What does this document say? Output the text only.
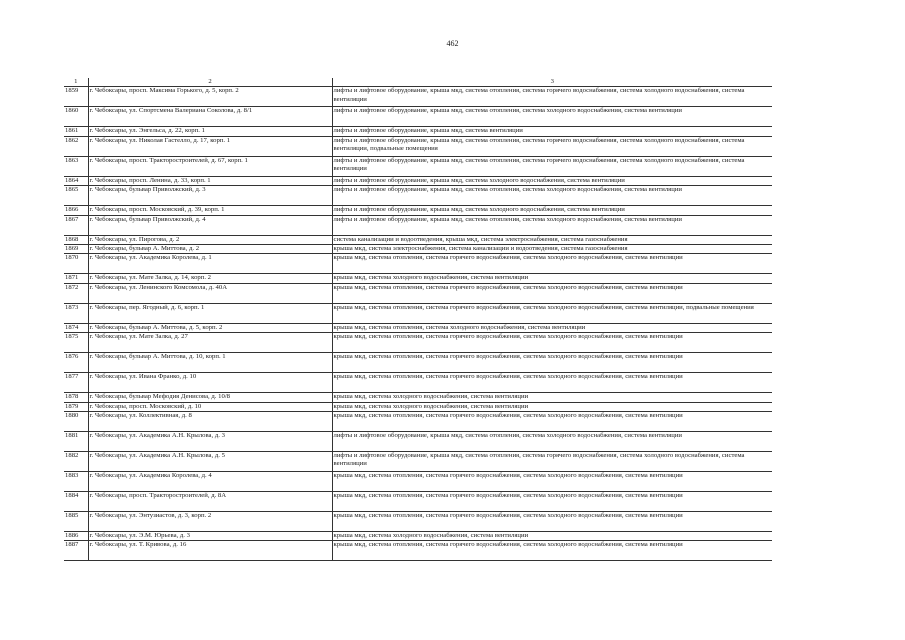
462
1	2	3
1859	г. Чебоксары, просп. Максима Горького, д. 5, корп. 2	лифты и лифтовое оборудование, крыша мкд, система отопления, система горячего водоснабжения, система холодного водоснабжения, система вентиляции
1860	г. Чебоксары, ул. Спортсмена Валериана Соколова, д. 8/1	лифты и лифтовое оборудование, крыша мкд, система отопления, система холодного водоснабжения, система вентиляции
1861	г. Чебоксары, ул. Энгельса, д. 22, корп. 1	лифты и лифтовое оборудование, крыша мкд, система вентиляции
1862	г. Чебоксары, ул. Николая Гастелло, д. 17, корп. 1	лифты и лифтовое оборудование, крыша мкд, система отопления, система горячего водоснабжения, система холодного водоснабжения, система вентиляции, подвальные помещения
1863	г. Чебоксары, просп. Тракторостроителей, д. 67, корп. 1	лифты и лифтовое оборудование, крыша мкд, система отопления, система горячего водоснабжения, система холодного водоснабжения, система вентиляции
1864	г. Чебоксары, просп. Ленина, д. 33, корп. 1	лифты и лифтовое оборудование, крыша мкд, система холодного водоснабжения, система вентиляции
1865	г. Чебоксары, бульвар Приволжский, д. 3	лифты и лифтовое оборудование, крыша мкд, система отопления, система холодного водоснабжения, система вентиляции
1866	г. Чебоксары, просп. Московский, д. 39, корп. 1	лифты и лифтовое оборудование, крыша мкд, система холодного водоснабжения, система вентиляции
1867	г. Чебоксары, бульвар Приволжский, д. 4	лифты и лифтовое оборудование, крыша мкд, система отопления, система холодного водоснабжения, система вентиляции
1868	г. Чебоксары, ул. Пирогова, д. 2	система канализации и водоотведения, крыша мкд, система электроснабжения, система газоснабжения
1869	г. Чебоксары, бульвар А. Миттова, д. 2	крыша мкд, система электроснабжения, система канализации и водоотведения, система газоснабжения
1870	г. Чебоксары, ул. Академика Королева, д. 1	крыша мкд, система отопления, система горячего водоснабжения, система холодного водоснабжения, система вентиляции
1871	г. Чебоксары, ул. Мате Залка, д. 14, корп. 2	крыша мкд, система холодного водоснабжения, система вентиляции
1872	г. Чебоксары, ул. Ленинского Комсомола, д. 40А	крыша мкд, система отопления, система горячего водоснабжения, система холодного водоснабжения, система вентиляции
1873	г. Чебоксары, пер. Ягодный, д. 6, корп. 1	крыша мкд, система отопления, система горячего водоснабжения, система холодного водоснабжения, система вентиляции, подвальные помещения
1874	г. Чебоксары, бульвар А. Миттова, д. 5, корп. 2	крыша мкд, система отопления, система холодного водоснабжения, система вентиляции
1875	г. Чебоксары, ул. Мате Залка, д. 27	крыша мкд, система отопления, система горячего водоснабжения, система холодного водоснабжения, система вентиляции
1876	г. Чебоксары, бульвар А. Миттова, д. 10, корп. 1	крыша мкд, система отопления, система горячего водоснабжения, система холодного водоснабжения, система вентиляции
1877	г. Чебоксары, ул. Ивана Франко, д. 10	крыша мкд, система отопления, система горячего водоснабжения, система холодного водоснабжения, система вентиляции
1878	г. Чебоксары, бульвар Мефодия Денисова, д. 10/8	крыша мкд, система холодного водоснабжения, система вентиляции
1879	г. Чебоксары, просп. Московский, д. 10	крыша мкд, система холодного водоснабжения, система вентиляции
1880	г. Чебоксары, ул. Коллективная, д. 8	крыша мкд, система отопления, система горячего водоснабжения, система холодного водоснабжения, система вентиляции
1881	г. Чебоксары, ул. Академика А.Н. Крылова, д. 3	лифты и лифтовое оборудование, крыша мкд, система отопления, система холодного водоснабжения, система вентиляции
1882	г. Чебоксары, ул. Академика А.Н. Крылова, д. 5	лифты и лифтовое оборудование, крыша мкд, система отопления, система горячего водоснабжения, система холодного водоснабжения, система вентиляции
1883	г. Чебоксары, ул. Академика Королева, д. 4	крыша мкд, система отопления, система горячего водоснабжения, система холодного водоснабжения, система вентиляции
1884	г. Чебоксары, просп. Тракторостроителей, д. 8А	крыша мкд, система отопления, система горячего водоснабжения, система холодного водоснабжения, система вентиляции
1885	г. Чебоксары, ул. Энтузиастов, д. 3, корп. 2	крыша мкд, система отопления, система горячего водоснабжения, система холодного водоснабжения, система вентиляции
1886	г. Чебоксары, ул. Э.М. Юрьева, д. 3	крыша мкд, система холодного водоснабжения, система вентиляции
1887	г. Чебоксары, ул. Т. Кривова, д. 16	крыша мкд, система отопления, система горячего водоснабжения, система холодного водоснабжения, система вентиляции
